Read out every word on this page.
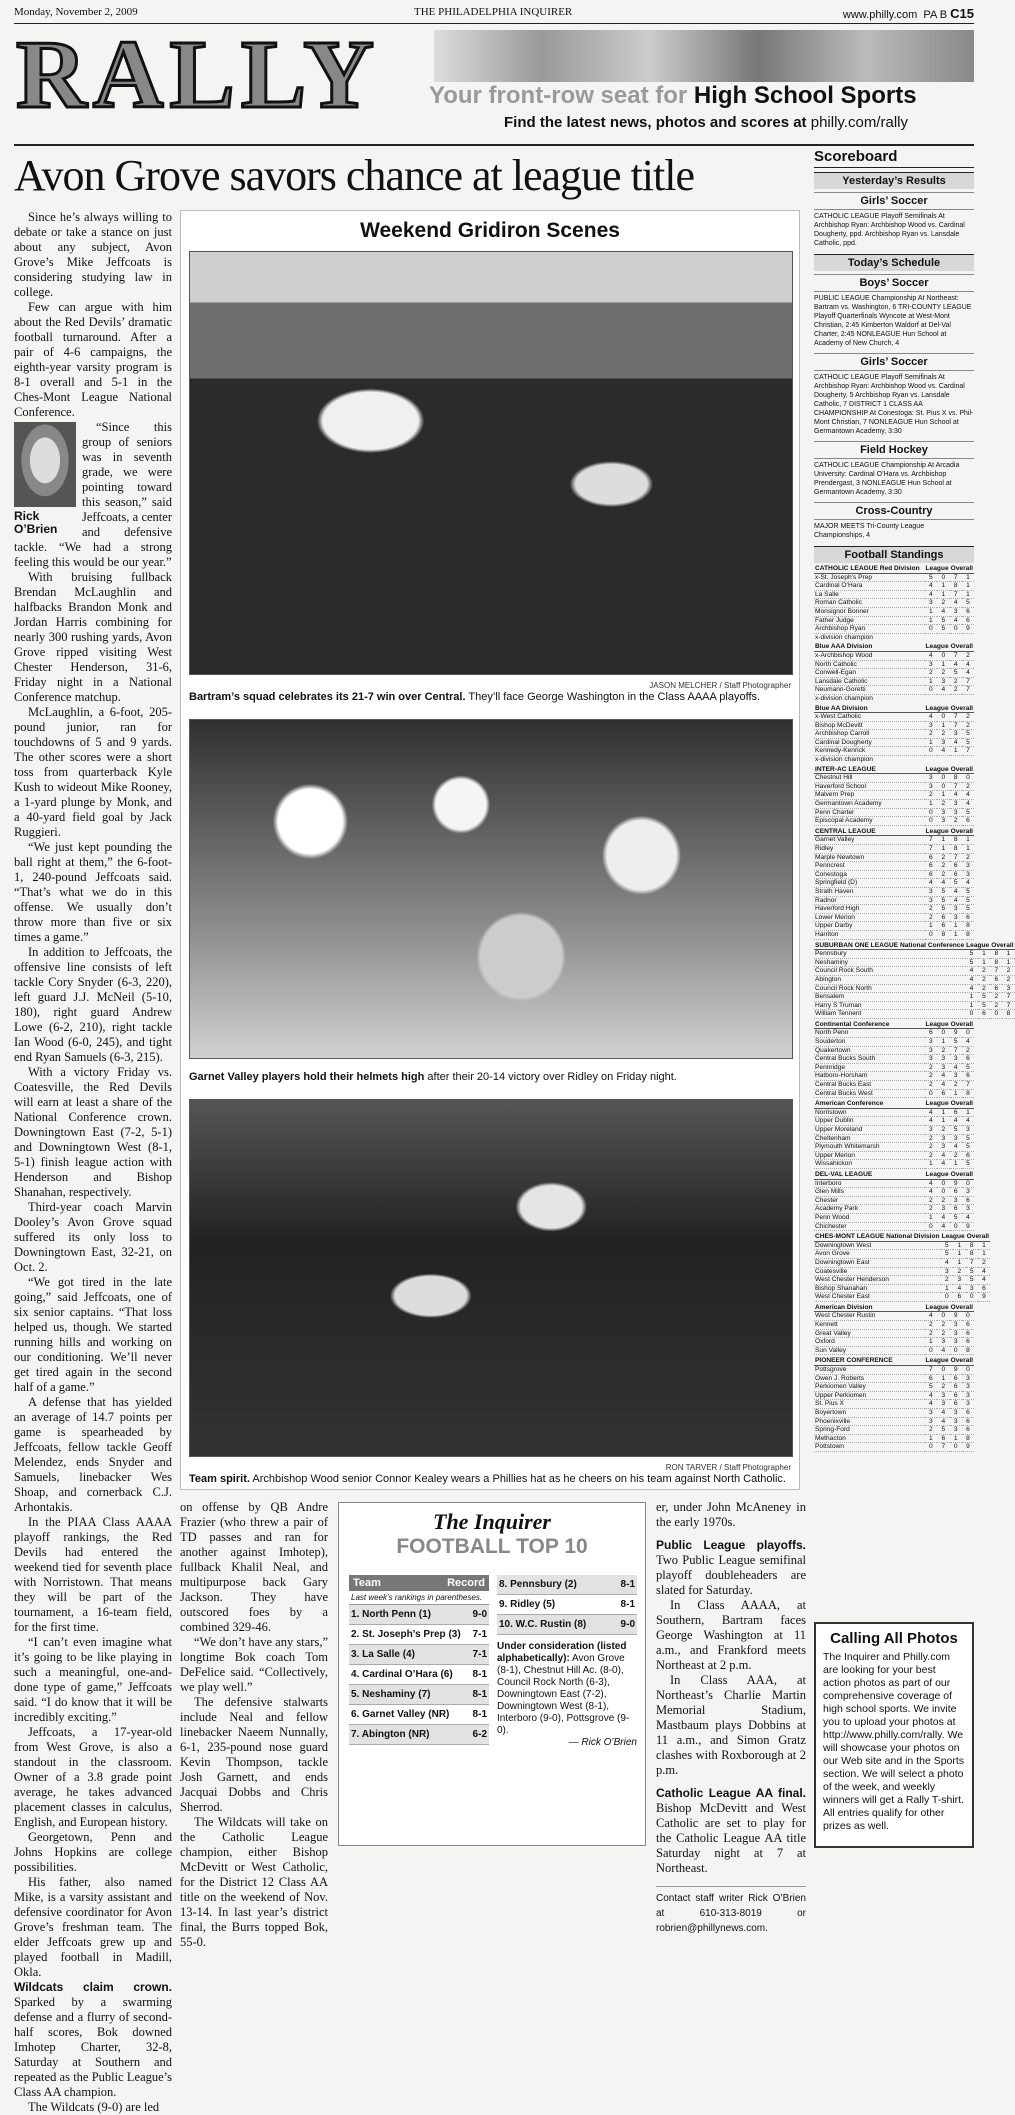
Monday, November 2, 2009	THE PHILADELPHIA INQUIRER	www.philly.com PA B C15
RALLY Your front-row seat for High School Sports
Find the latest news, photos and scores at philly.com/rally
Avon Grove savors chance at league title

Since he’s always willing to debate or take a stance on just about any subject, Avon Grove’s Mike Jeffcoats is considering studying law in college.

Few can argue with him about the Red Devils’ dramatic football turnaround. After a pair of 4-6 campaigns, the eighth-year varsity program is 8-1 overall and 5-1 in the Ches-Mont League National Conference.

Rick O’Brien

“Since this group of seniors was in seventh grade, we were pointing toward this season,” said Jeffcoats, a center and defensive tackle. “We had a strong feeling this would be our year.”

With bruising fullback Brendan McLaughlin and halfbacks Brandon Monk and Jordan Harris combining for nearly 300 rushing yards, Avon Grove ripped visiting West Chester Henderson, 31-6, Friday night in a National Conference matchup.

McLaughlin, a 6-foot, 205-pound junior, ran for touchdowns of 5 and 9 yards. The other scores were a short toss from quarterback Kyle Kush to wideout Mike Rooney, a 1-yard plunge by Monk, and a 40-yard field goal by Jack Ruggieri.

“We just kept pounding the ball right at them,” the 6-foot-1, 240-pound Jeffcoats said. “That’s what we do in this offense. We usually don’t throw more than five or six times a game.”

In addition to Jeffcoats, the offensive line consists of left tackle Cory Snyder (6-3, 220), left guard J.J. McNeil (5-10, 180), right guard Andrew Lowe (6-2, 210), right tackle Ian Wood (6-0, 245), and tight end Ryan Samuels (6-3, 215).

With a victory Friday vs. Coatesville, the Red Devils will earn at least a share of the National Conference crown. Downingtown East (7-2, 5-1) and Downingtown West (8-1, 5-1) finish league action with Henderson and Bishop Shanahan, respectively.

Third-year coach Marvin Dooley’s Avon Grove squad suffered its only loss to Downingtown East, 32-21, on Oct. 2.

“We got tired in the late going,” said Jeffcoats, one of six senior captains. “That loss helped us, though. We started running hills and working on our conditioning. We’ll never get tired again in the second half of a game.”

A defense that has yielded an average of 14.7 points per game is spearheaded by Jeffcoats, fellow tackle Geoff Melendez, ends Snyder and Samuels, linebacker Wes Shoap, and cornerback C.J. Arhontakis.

In the PIAA Class AAAA playoff rankings, the Red Devils had entered the weekend tied for seventh place with Norristown. That means they will be part of the tournament, a 16-team field, for the first time.

“I can’t even imagine what it’s going to be like playing in such a meaningful, one-and-done type of game,” Jeffcoats said. “I do know that it will be incredibly exciting.”

Jeffcoats, a 17-year-old from West Grove, is also a standout in the classroom. Owner of a 3.8 grade point average, he takes advanced placement classes in calculus, English, and European history.

Georgetown, Penn and Johns Hopkins are college possibilities.

His father, also named Mike, is a varsity assistant and defensive coordinator for Avon Grove’s freshman team. The elder Jeffcoats grew up and played football in Madill, Okla.

Wildcats claim crown. Sparked by a swarming defense and a flurry of second-half scores, Bok downed Imhotep Charter, 32-8, Saturday at Southern and repeated as the Public League’s Class AA champion.

The Wildcats (9-0) are led

Weekend Gridiron Scenes
JASON MELCHER / Staff Photographer
Bartram’s squad celebrates its 21-7 win over Central. They’ll face George Washington in the Class AAAA playoffs.
Garnet Valley players hold their helmets high after their 20-14 victory over Ridley on Friday night.
RON TARVER / Staff Photographer
Team spirit. Archbishop Wood senior Connor Kealey wears a Phillies hat as he cheers on his team against North Catholic.

on offense by QB Andre Frazier (who threw a pair of TD passes and ran for another against Imhotep), fullback Khalil Neal, and multipurpose back Gary Jackson. They have outscored foes by a combined 329-46.

“We don’t have any stars,” longtime Bok coach Tom DeFelice said. “Collectively, we play well.”

The defensive stalwarts include Neal and fellow linebacker Naeem Nunnally, 6-1, 235-pound nose guard Kevin Thompson, tackle Josh Garnett, and ends Jacquai Dobbs and Chris Sherrod.

The Wildcats will take on the Catholic League champion, either Bishop McDevitt or West Catholic, for the District 12 Class AA title on the weekend of Nov. 13-14. In last year’s district final, the Burrs topped Bok, 55-0.

The Inquirer
FOOTBALL TOP 10
Team	Record
Last week’s rankings in parentheses.
1. North Penn (1)	9-0
2. St. Joseph’s Prep (3) 7-1
3. La Salle (4)	7-1
4. Cardinal O’Hara (6) 8-1
5. Neshaminy (7)	8-1
6. Garnet Valley (NR) 8-1
7. Abington (NR)	6-2
8. Pennsbury (2)	8-1
9. Ridley (5)	8-1
10. W.C. Rustin (8)	9-0
Under consideration (listed alphabetically): Avon Grove (8-1), Chestnut Hill Ac. (8-0), Council Rock North (6-3), Downingtown East (7-2), Downingtown West (8-1), Interboro (9-0), Pottsgrove (9-0).
— Rick O’Brien

er, under John McAneney in the early 1970s.

Public League playoffs. Two Public League semifinal playoff doubleheaders are slated for Saturday.

In Class AAAA, at Southern, Bartram faces George Washington at 11 a.m., and Frankford meets Northeast at 2 p.m.

In Class AAA, at Northeast’s Charlie Martin Memorial Stadium, Mastbaum plays Dobbins at 11 a.m., and Simon Gratz clashes with Roxborough at 2 p.m.

Catholic League AA final. Bishop McDevitt and West Catholic are set to play for the Catholic League AA title Saturday night at 7 at Northeast.

Contact staff writer Rick O’Brien at 610-313-8019 or robrien@phillynews.com.

Scoreboard
Yesterday’s Results
Girls’ Soccer
CATHOLIC LEAGUE Playoff Semifinals At Archbishop Ryan: Archbishop Wood vs. Cardinal Dougherty, ppd. Archbishop Ryan vs. Lansdale Catholic, ppd.
Today’s Schedule
Boys’ Soccer
PUBLIC LEAGUE Championship At Northeast: Bartram vs. Washington, 6 TRI-COUNTY LEAGUE Playoff Quarterfinals Wyncote at West-Mont Christian, 2:45 Kimberton Waldorf at Del-Val Charter, 2:45 NONLEAGUE Hun School at Academy of New Church, 4
Girls’ Soccer
CATHOLIC LEAGUE Playoff Semifinals At Archbishop Ryan: Archbishop Wood vs. Cardinal Dougherty, 5 Archbishop Ryan vs. Lansdale Catholic, 7 DISTRICT 1 CLASS AA CHAMPIONSHIP At Conestoga: St. Pius X vs. Phil-Mont Christian, 7 NONLEAGUE Hun School at Germantown Academy, 3:30
Field Hockey
CATHOLIC LEAGUE Championship At Arcadia University: Cardinal O’Hara vs. Archbishop Prendergast, 3 NONLEAGUE Hun School at Germantown Academy, 3:30
Cross-Country
MAJOR MEETS Tri-County League Championships, 4
Football Standings
CATHOLIC LEAGUE Red Division	League		Overall	
x-St. Joseph’s Prep	5	0	7	1
Cardinal O’Hara	4	1	8	1
La Salle	4	1	7	1
Roman Catholic	3	2	4	5
Monsignor Bonner	1	4	3	6
Father Judge	1	5	4	6
Archbishop Ryan	0	5	0	9
x-division champion				
Blue AAA Division	League		Overall	
x-Archbishop Wood	4	0	7	2
North Catholic	3	1	4	4
Conwell-Egan	2	2	5	4
Lansdale Catholic	1	3	2	7
Neumann-Goretti	0	4	2	7
x-division champion				
Blue AA Division	League		Overall	
x-West Catholic	4	0	7	2
Bishop McDevitt	3	1	7	2
Archbishop Carroll	2	2	3	5
Cardinal Dougherty	1	3	4	5
Kennedy-Kenrick	0	4	1	7
x-division champion				
INTER-AC LEAGUE	League		Overall	
Chestnut Hill	3	0	8	0
Haverford School	3	0	7	2
Malvern Prep	2	1	4	4
Germantown Academy	1	2	3	4
Penn Charter	0	3	3	5
Episcopal Academy	0	3	2	6
CENTRAL LEAGUE	League		Overall	
Garnet Valley	7	1	8	1
Ridley	7	1	8	1
Marple Newtown	6	2	7	2
Penncrest	6	2	6	3
Conestoga	6	2	6	3
Springfield (D)	4	4	5	4
Strath Haven	3	5	4	5
Radnor	3	5	4	5
Haverford High	2	5	3	5
Lower Merion	2	6	3	6
Upper Darby	1	6	1	8
Harriton	0	8	1	8
SUBURBAN ONE LEAGUE National Conference	League		Overall	
Pennsbury	5	1	8	1
Neshaminy	5	1	8	1
Council Rock South	4	2	7	2
Abington	4	2	6	2
Council Rock North	4	2	6	3
Bensalem	1	5	2	7
Harry S Truman	1	5	2	7
William Tennent	0	6	0	8
Continental Conference	League		Overall	
North Penn	6	0	9	0
Souderton	3	1	5	4
Quakertown	3	2	7	2
Central Bucks South	3	3	3	6
Pennridge	2	3	4	5
Hatboro-Horsham	2	4	3	6
Central Bucks East	2	4	2	7
Central Bucks West	0	6	1	8
American Conference	League		Overall	
Norristown	4	1	6	1
Upper Dublin	4	1	4	4
Upper Moreland	3	2	5	3
Cheltenham	2	3	3	5
Plymouth Whitemarsh	2	3	4	5
Upper Merion	2	4	2	6
Wissahickon	1	4	1	5
DEL-VAL LEAGUE	League		Overall	
Interboro	4	0	9	0
Glen Mills	4	0	6	3
Chester	2	2	3	6
Academy Park	2	3	6	3
Penn Wood	1	4	5	4
Chichester	0	4	0	9
CHES-MONT LEAGUE National Division	League		Overall	
Downingtown West	5	1	8	1
Avon Grove	5	1	8	1
Downingtown East	4	1	7	2
Coatesville	3	2	5	4
West Chester Henderson	2	3	5	4
Bishop Shanahan	1	4	3	6
West Chester East	0	6	0	9
American Division	League		Overall	
West Chester Rustin	4	0	9	0
Kennett	2	2	3	6
Great Valley	2	2	3	6
Oxford	1	3	3	6
Sun Valley	0	4	0	8
PIONEER CONFERENCE	League		Overall	
Pottsgrove	7	0	9	0
Owen J. Roberts	6	1	6	3
Perkiomen Valley	5	2	6	3
Upper Perkiomen	4	3	6	3
St. Pius X	4	3	6	3
Boyertown	3	4	3	6
Phoenixville	3	4	3	6
Spring-Ford	2	5	3	6
Methacton	1	6	1	8
Pottstown	0	7	0	9
Calling All Photos

The Inquirer and Philly.com are looking for your best action photos as part of our comprehensive coverage of high school sports. We invite you to upload your photos at http://www.philly.com/rally. We will showcase your photos on our Web site and in the Sports section. We will select a photo of the week, and weekly winners will get a Rally T-shirt. All entries qualify for other prizes as well.
